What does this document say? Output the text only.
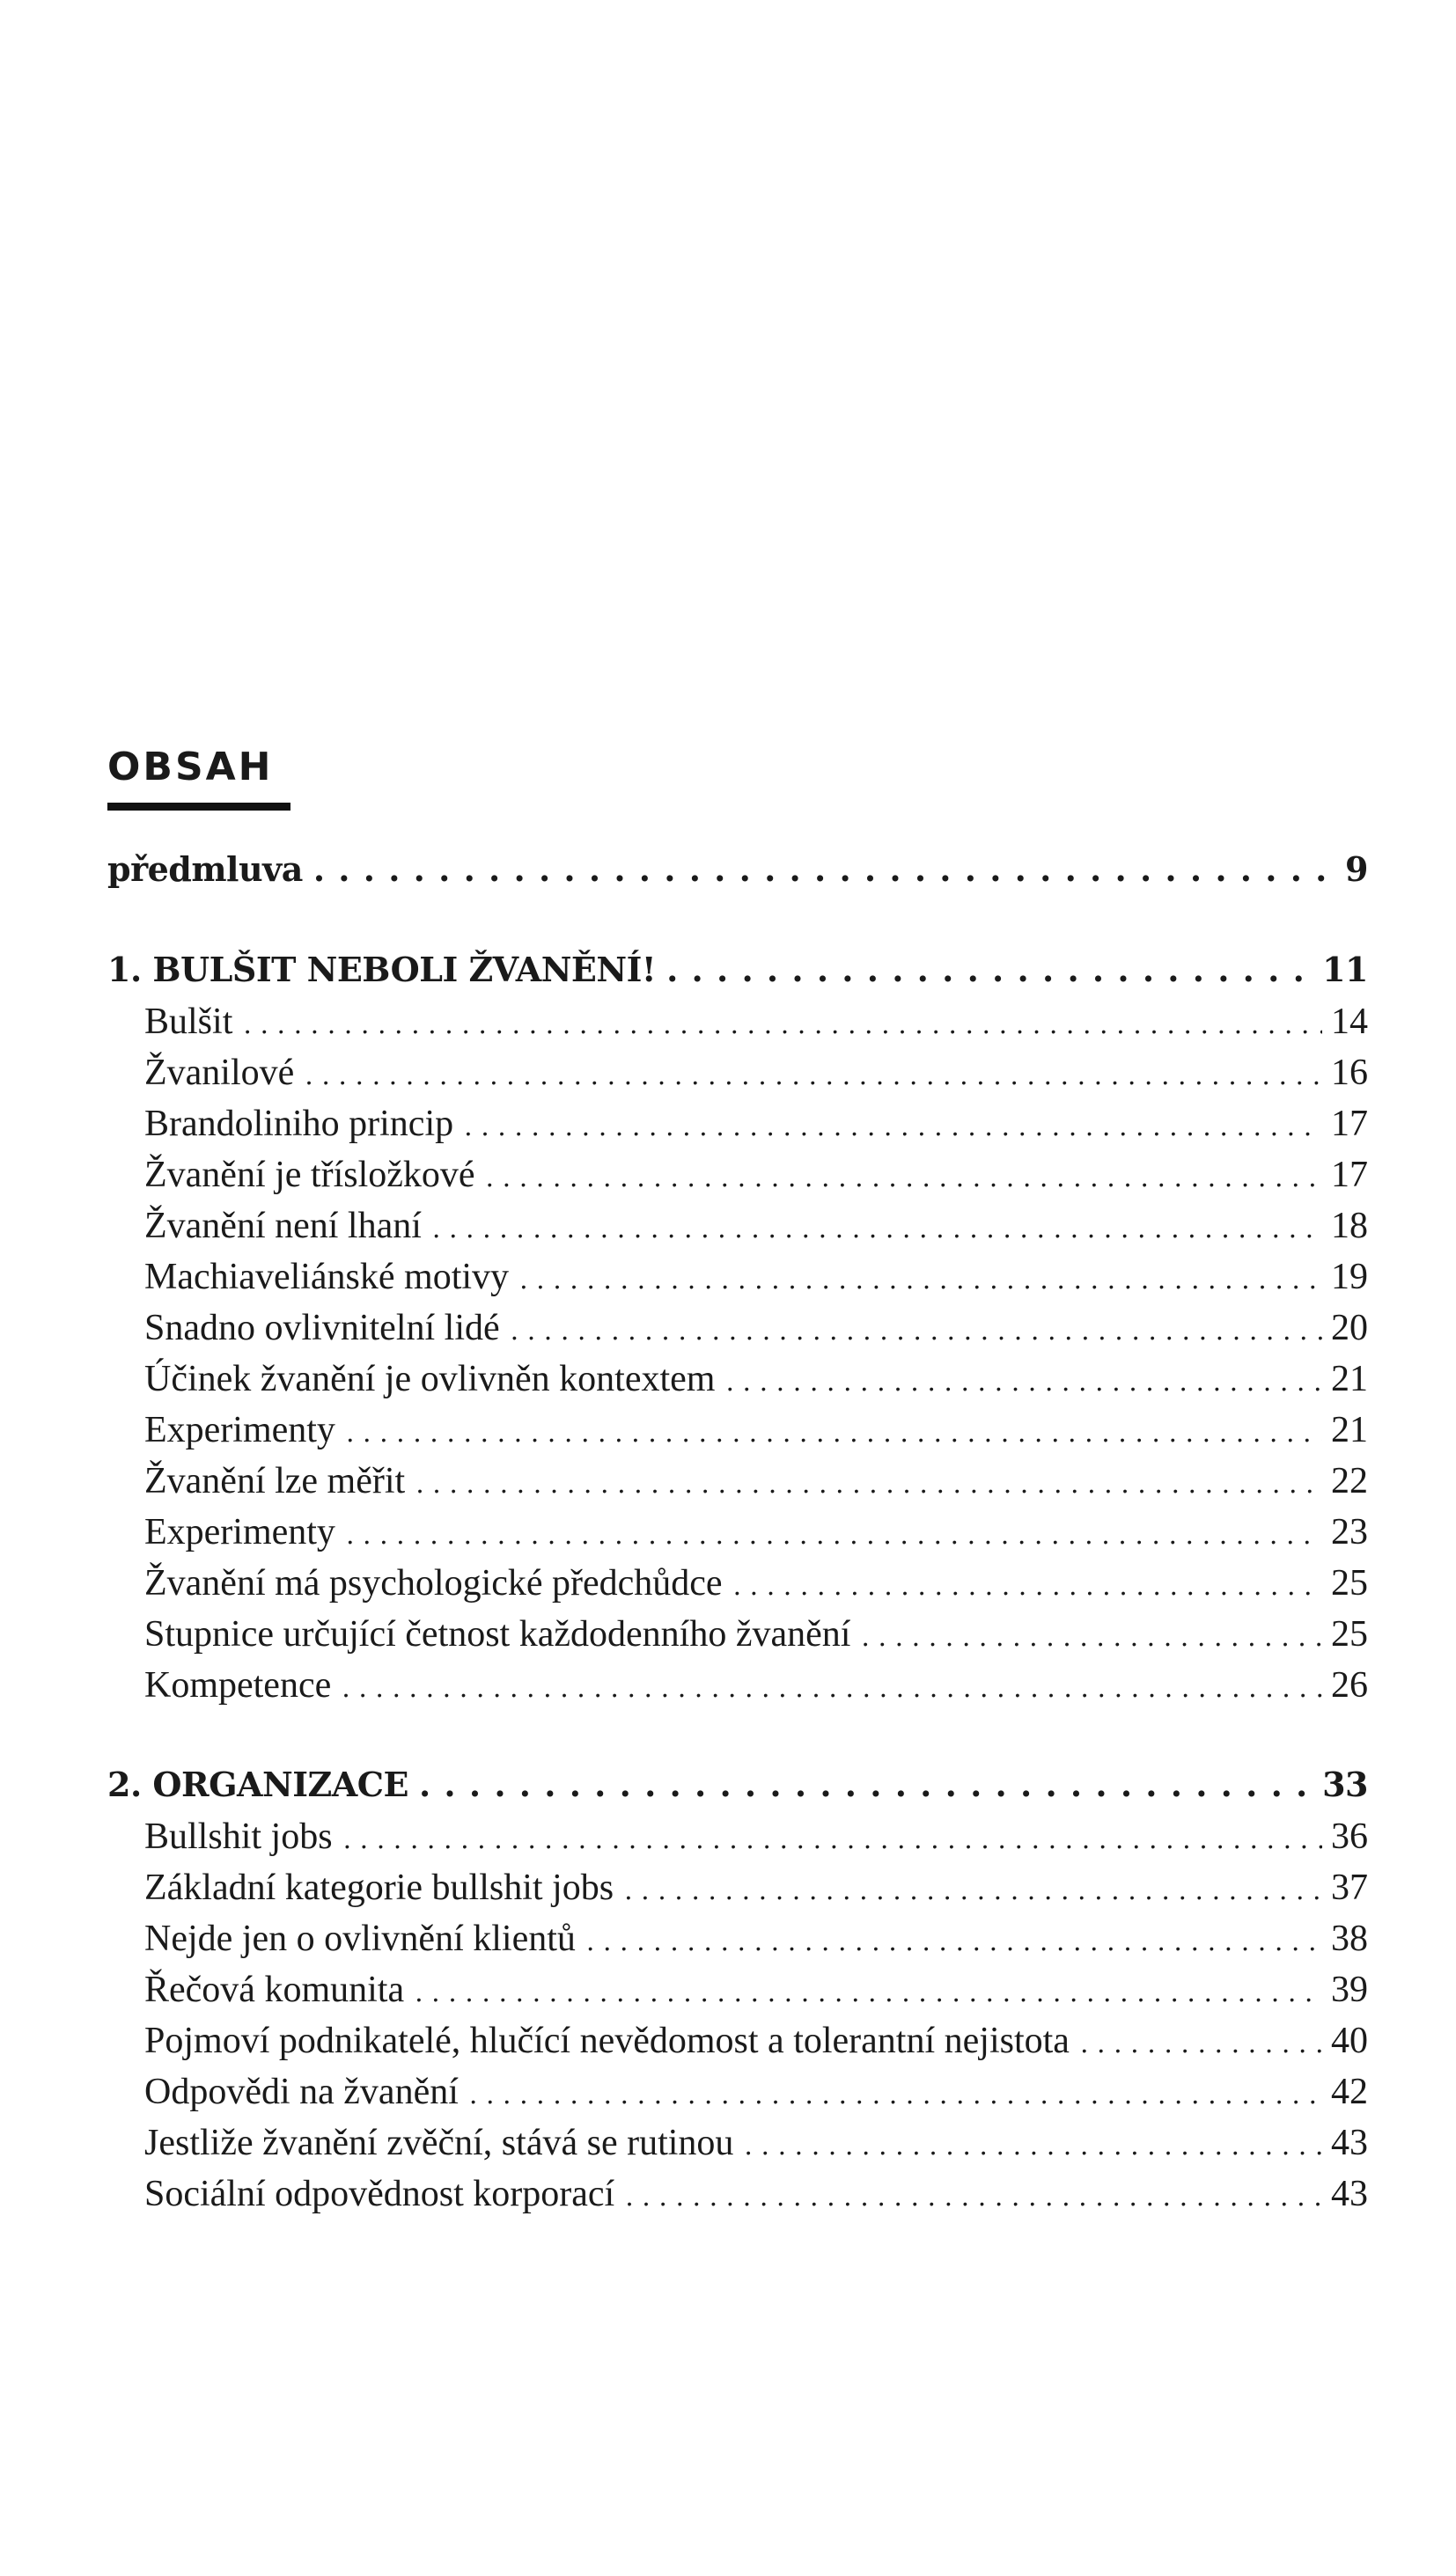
OBSAH
předmluva . . .	9
1. BULŠIT NEBOLI ŽVANĚNÍ! . . .	11
Bulšit . . .	14
Žvanilové . . .	16
Brandoliniho princip . . .	17
Žvanění je třísložkové . . .	17
Žvanění není lhaní . . .	18
Machiaveliánské motivy . . .	19
Snadno ovlivnitelní lidé . . .	20
Účinek žvanění je ovlivněn kontextem . . .	21
Experimenty . . .	21
Žvanění lze měřit . . .	22
Experimenty . . .	23
Žvanění má psychologické předchůdce . . .	25
Stupnice určující četnost každodenního žvanění . . .	25
Kompetence . . .	26
2. ORGANIZACE . . .	33
Bullshit jobs . . .	36
Základní kategorie bullshit jobs . . .	37
Nejde jen o ovlivnění klientů . . .	38
Řečová komunita . . .	39
Pojmoví podnikatelé, hlučící nevědomost a tolerantní nejistota . . .	40
Odpovědi na žvanění . . .	42
Jestliže žvanění zvěční, stává se rutinou . . .	43
Sociální odpovědnost korporací . . .	43
